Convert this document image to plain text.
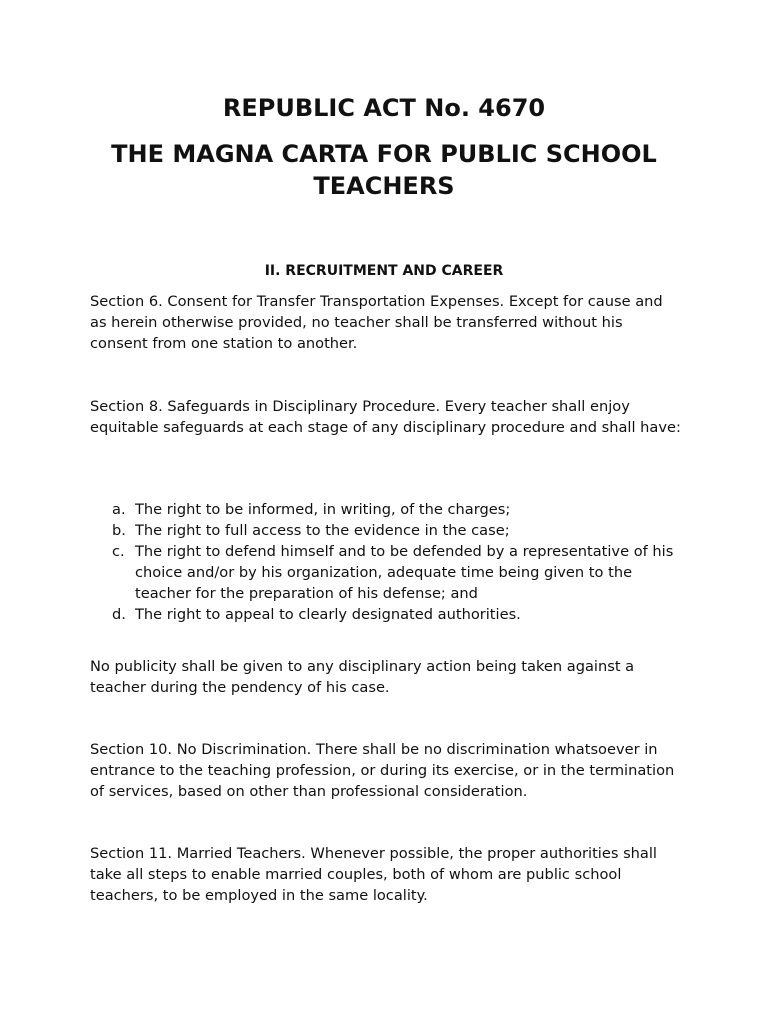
REPUBLIC ACT No. 4670
THE MAGNA CARTA FOR PUBLIC SCHOOL TEACHERS
II. RECRUITMENT AND CAREER

Section 6. Consent for Transfer Transportation Expenses. Except for cause and as herein otherwise provided, no teacher shall be transferred without his consent from one station to another.

Section 8. Safeguards in Disciplinary Procedure. Every teacher shall enjoy equitable safeguards at each stage of any disciplinary procedure and shall have:

a. The right to be informed, in writing, of the charges;
b. The right to full access to the evidence in the case;
c. The right to defend himself and to be defended by a representative of his choice and/or by his organization, adequate time being given to the teacher for the preparation of his defense; and
d. The right to appeal to clearly designated authorities.

No publicity shall be given to any disciplinary action being taken against a teacher during the pendency of his case.

Section 10. No Discrimination. There shall be no discrimination whatsoever in entrance to the teaching profession, or during its exercise, or in the termination of services, based on other than professional consideration.

Section 11. Married Teachers. Whenever possible, the proper authorities shall take all steps to enable married couples, both of whom are public school teachers, to be employed in the same locality.
